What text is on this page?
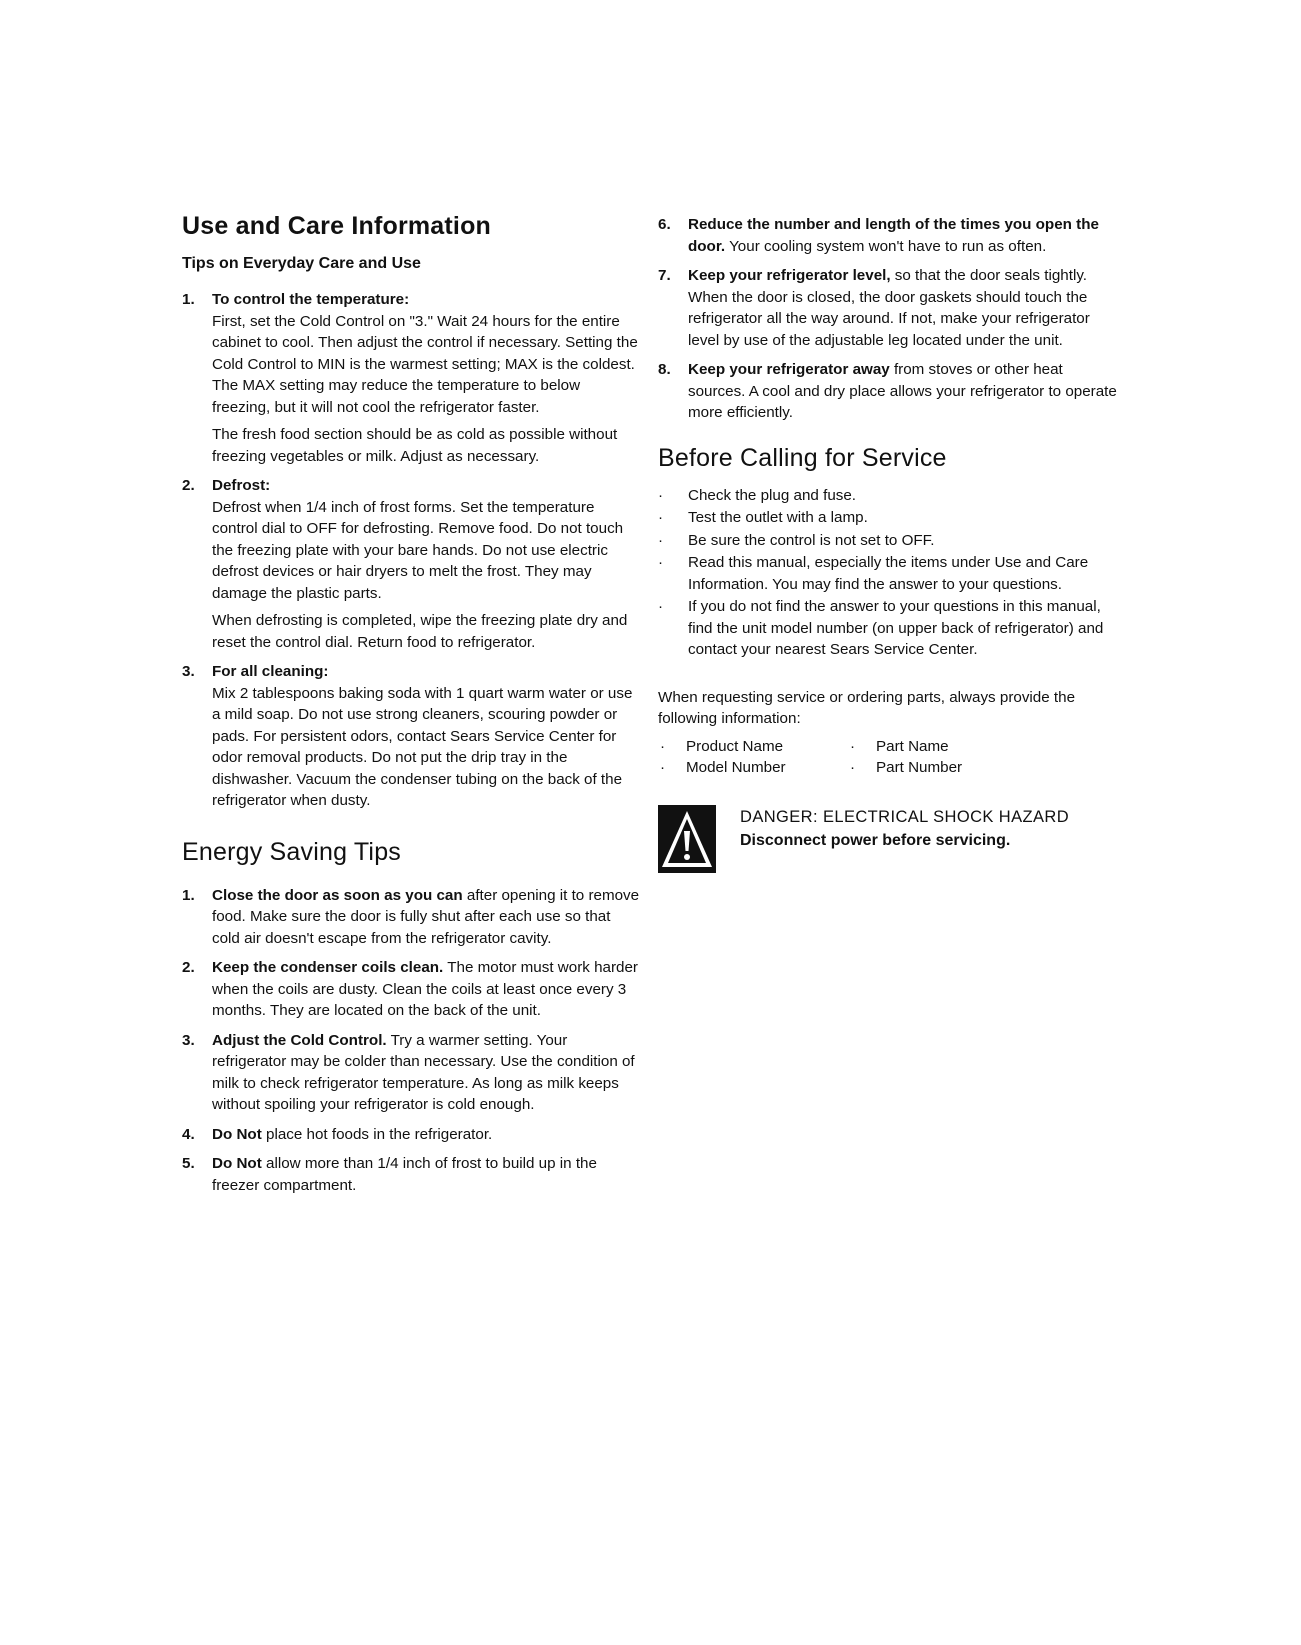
Use and Care Information
Tips on Everyday Care and Use
1. To control the temperature:

First, set the Cold Control on "3." Wait 24 hours for the entire cabinet to cool. Then adjust the control if necessary. Setting the Cold Control to MIN is the warmest setting; MAX is the coldest. The MAX setting may reduce the temperature to below freezing, but it will not cool the refrigerator faster.

The fresh food section should be as cold as possible without freezing vegetables or milk. Adjust as necessary.

2. Defrost:

Defrost when 1/4 inch of frost forms. Set the temperature control dial to OFF for defrosting. Remove food. Do not touch the freezing plate with your bare hands. Do not use electric defrost devices or hair dryers to melt the frost. They may damage the plastic parts.

When defrosting is completed, wipe the freezing plate dry and reset the control dial. Return food to refrigerator.

3. For all cleaning:

Mix 2 tablespoons baking soda with 1 quart warm water or use a mild soap. Do not use strong cleaners, scouring powder or pads. For persistent odors, contact Sears Service Center for odor removal products. Do not put the drip tray in the dishwasher. Vacuum the condenser tubing on the back of the refrigerator when dusty.

Energy Saving Tips
1. Close the door as soon as you can after opening it to remove food. Make sure the door is fully shut after each use so that cold air doesn't escape from the refrigerator cavity.
2. Keep the condenser coils clean. The motor must work harder when the coils are dusty. Clean the coils at least once every 3 months. They are located on the back of the unit.
3. Adjust the Cold Control. Try a warmer setting. Your refrigerator may be colder than necessary. Use the condition of milk to check refrigerator temperature. As long as milk keeps without spoiling your refrigerator is cold enough.
4. Do Not place hot foods in the refrigerator.
5. Do Not allow more than 1/4 inch of frost to build up in the freezer compartment.
6. Reduce the number and length of the times you open the door. Your cooling system won't have to run as often.
7. Keep your refrigerator level, so that the door seals tightly. When the door is closed, the door gaskets should touch the refrigerator all the way around. If not, make your refrigerator level by use of the adjustable leg located under the unit.
8. Keep your refrigerator away from stoves or other heat sources. A cool and dry place allows your refrigerator to operate more efficiently.
Before Calling for Service
· Check the plug and fuse.
· Test the outlet with a lamp.
· Be sure the control is not set to OFF.
· Read this manual, especially the items under Use and Care Information. You may find the answer to your questions.
· If you do not find the answer to your questions in this manual, find the unit model number (on upper back of refrigerator) and contact your nearest Sears Service Center.
When requesting service or ordering parts, always provide the following information:
· Product Name	· Part Name
· Model Number	· Part Number
DANGER: ELECTRICAL SHOCK HAZARD
Disconnect power before servicing.
